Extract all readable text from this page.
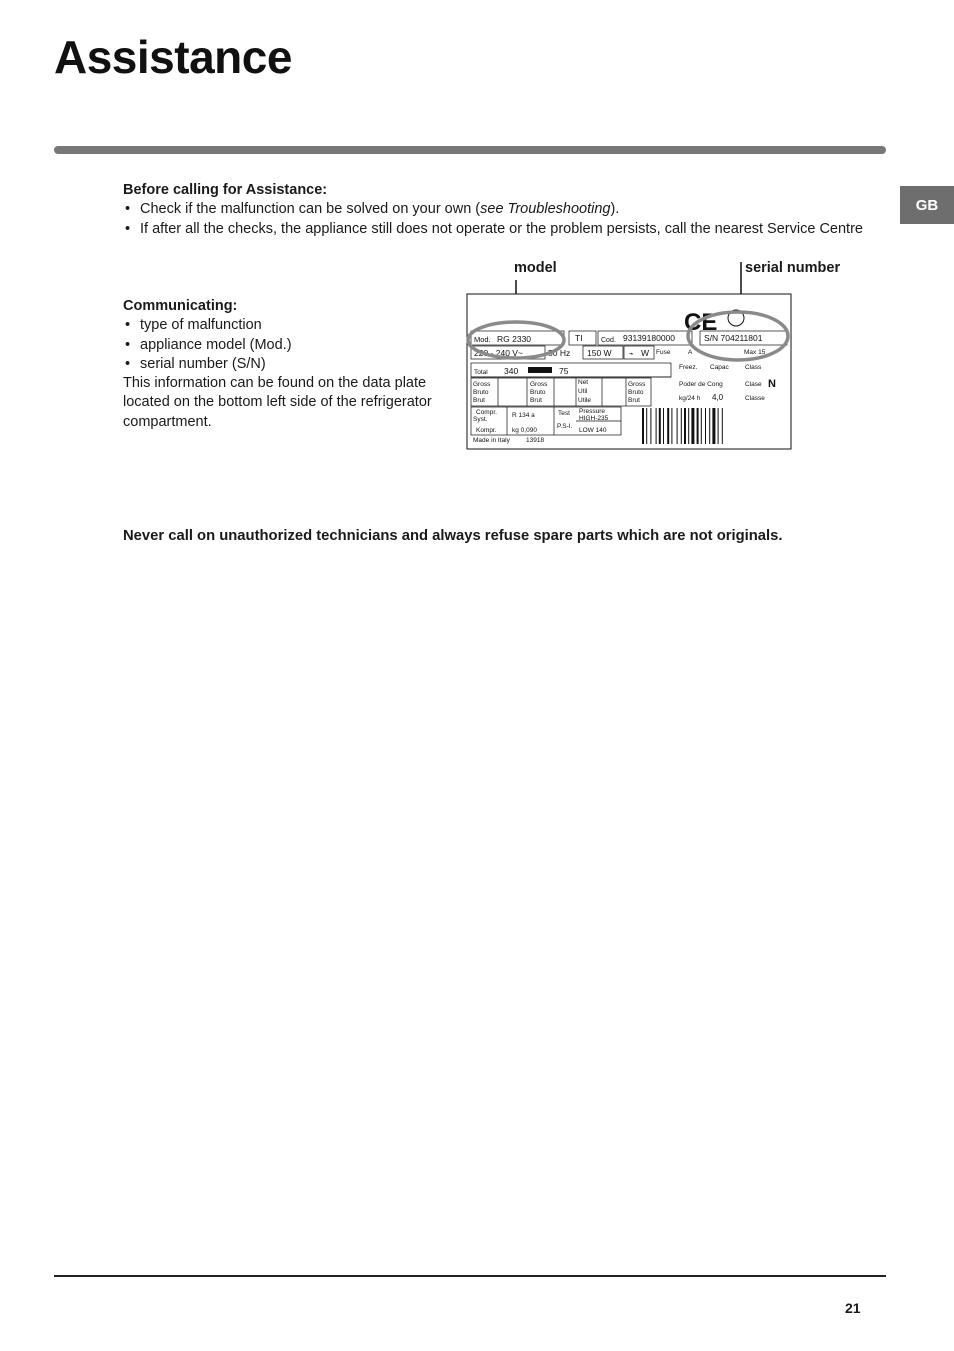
Assistance
GB
Before calling for Assistance:
• Check if the malfunction can be solved on your own (see Troubleshooting).
• If after all the checks, the appliance still does not operate or the problem persists, call the nearest Service Centre
Communicating:
• type of malfunction
• appliance model (Mod.)
• serial number (S/N)
This information can be found on the data plate located on the bottom left side of the refrigerator compartment.
model	serial number
CE
Mod. RG 2330	TI	Cod. 93139180000	S/N 704211801
220 - 240 V~	50 Hz 150 W ⌁ W Fuse	A	Max 15
Total 340	75	Freez. Capac Class
Gross
Bruto
Brut
Gross
Bruto
Brut
Net
Util
Utile
Gross
Bruto
Brut
Poder de Cong	Clase N
kg/24 h 4,0	Classe
Compr.
Syst.
R 134 a	Test Pressure
HIGH-235
Kompr. kg 0,090
P.S-I.
LOW 140
Made in Italy 13918
Never call on unauthorized technicians and always refuse spare parts which are not originals.
21
